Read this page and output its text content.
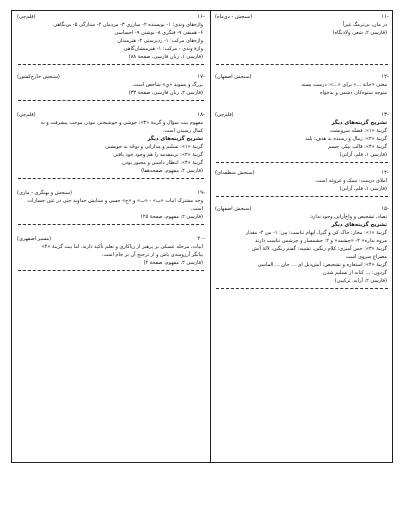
-۱۱
(سنجش - دی‌ماه)
در مان، بی‌ترمگ غیراً
(فارسی ۲، شعر، ولادتگاه)

-۱۲
(سنجش اصفهان)
معنی «خانهٔ ...» برای «...»: درست بسته
متوجه ستوه‌کار، دشمن و بدخواه

-۱۳
(قلم‌چی)
تشریح گزینه‌های دیگر
گزینهٔ «۱»: فضله سرونشت
گزینهٔ «۲»: زمال و رسنده به هدف: بلند
گزینهٔ «۴»: قالب پیکر، جسم
(فارسی ۱، قلم، آرانی)
-۱۴
(سنجش منطقه‌ای)
املای درست: تیمک و غروغه است.
(فارسی ۱، قلم، آرانی)
-۱۵
(سنجش اصفهان)
تضاد، تشخیص و واج‌آرایی وجود ندارد.
تشریح گزینه‌های دیگر
گزینهٔ «۱»: مجاز: خاک کی و گیرا، ایهام تناسب: مِن: ۱- من ۲- مقدار
مروه نداره» ۲- «چشمه» و ۲: چشمسار و چرشمن تناسب دارند
گزینهٔ «۳»: حس آمیزی: کلام رنگین، تشبیه: گفتم رنگین، لالهٔ آتش
مصراع سروی است
گزینهٔ «۴»: استعاره و تشخیص: آتش‌دیل ای ... جان ... الماسی
گردون: ... کنایه از تسلیم شدن
(فارسی ۲، آرایه، ترکیبی)
-۱۶
(قلم‌چی)
واژه‌های وندی: ۱- نویسنده ۲- مبارزی ۳- مردمان ۴- ستارگی ۵- بی‌نگاهی
۶- همنفی ۷- فتگری ۸- نوشتن ۹- احساسی
واژه‌های مرکب: ۱- ردپرستی ۲- هنرمندان
واژهٔ وندی - مرکب: ۱- هنرمنشان‌گاهی
(فارسی ۱، زبان فارسی، صفحهٔ ۸۸)
-۱۷
(سنجش خارج‌کشور)
بزرگ و پسوند «یِ» شاخص است.
(فارسی ۲، زبان فارسی، صفحهٔ ۳۳)
-۱۸
(قلم‌چی)
مفهوم بیت سؤال و گزینهٔ «۳»: خوشی و خوشبختی نبودن موجب پیشرفت و به
کمال رسیدن است.
تشریح گزینه‌های دیگر
گزینهٔ «۱»: تسلیم و مداراتی و توجّه به خویشتن
گزینهٔ «۲»: بی‌مقدمه را هم وجود خود یافتن
گزینهٔ «۴»: انتظار داشتن و مجبور بودن
(فارسی ۲، مفهوم، صفحه‌هفا)
-۱۹
(سنجش و بهنگری - ماری)
وجه مشترک ابیات «پ» - «ب» و «ج» حسی و ستایش خداوند حتی در عین جسارات
است.
(فارسی ۲، مفهوم، صفحهٔ ۲۵)
-۲۰
(مسیر اصفهری)
ابیات، مرحله عسکی بر پرهیز از ریاکاری و تعلم تأکید دارند. اما بیت گزینهٔ «۴»
بیانگر آرزومندی باش و از ترجیح آن بر جام است.
(فارسی ۲، مفهوم، صفحهٔ ۴)
